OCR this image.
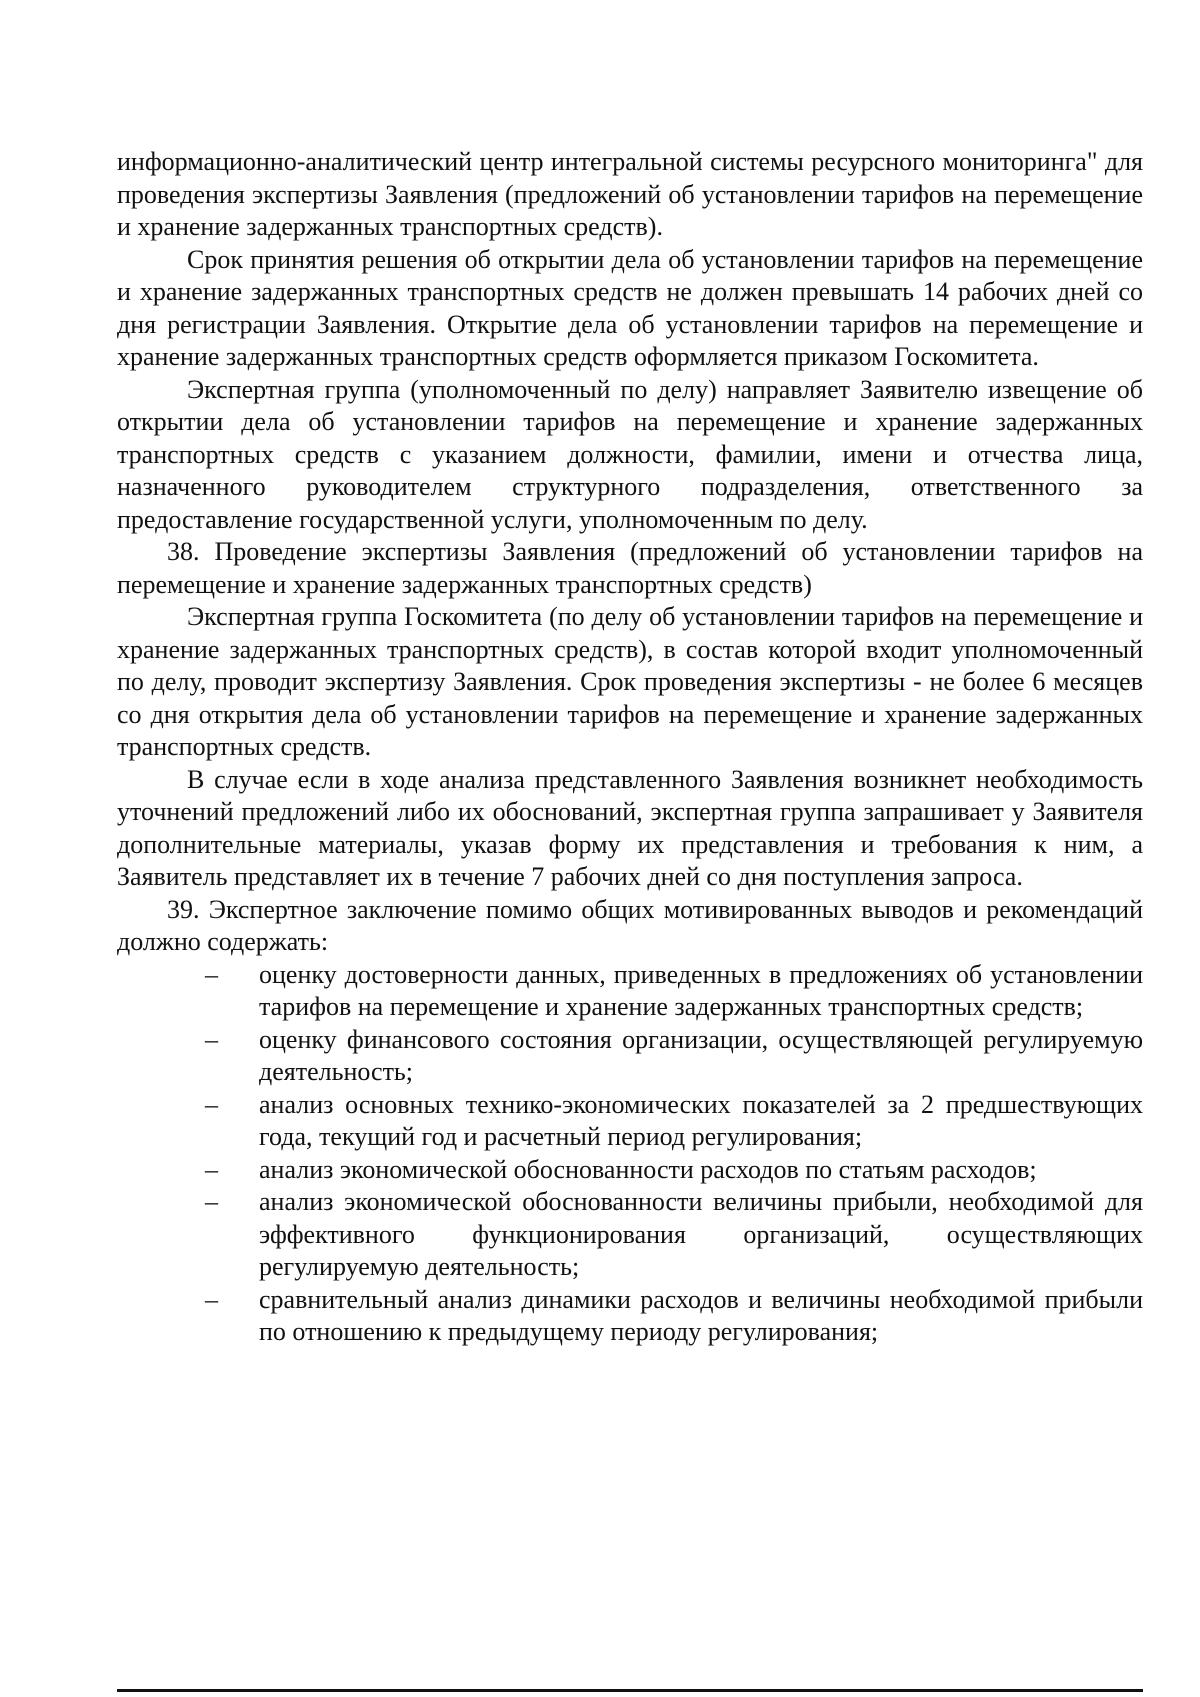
информационно-аналитический центр интегральной системы ресурсного мониторинга" для проведения экспертизы Заявления (предложений об установлении тарифов на перемещение и хранение задержанных транспортных средств).

Срок принятия решения об открытии дела об установлении тарифов на перемещение и хранение задержанных транспортных средств не должен превышать 14 рабочих дней со дня регистрации Заявления. Открытие дела об установлении тарифов на перемещение и хранение задержанных транспортных средств оформляется приказом Госкомитета.

Экспертная группа (уполномоченный по делу) направляет Заявителю извещение об открытии дела об установлении тарифов на перемещение и хранение задержанных транспортных средств с указанием должности, фамилии, имени и отчества лица, назначенного руководителем структурного подразделения, ответственного за предоставление государственной услуги, уполномоченным по делу.

38. Проведение экспертизы Заявления (предложений об установлении тарифов на перемещение и хранение задержанных транспортных средств)

Экспертная группа Госкомитета (по делу об установлении тарифов на перемещение и хранение задержанных транспортных средств), в состав которой входит уполномоченный по делу, проводит экспертизу Заявления. Срок проведения экспертизы - не более 6 месяцев со дня открытия дела об установлении тарифов на перемещение и хранение задержанных транспортных средств.

В случае если в ходе анализа представленного Заявления возникнет необходимость уточнений предложений либо их обоснований, экспертная группа запрашивает у Заявителя дополнительные материалы, указав форму их представления и требования к ним, а Заявитель представляет их в течение 7 рабочих дней со дня поступления запроса.

39. Экспертное заключение помимо общих мотивированных выводов и рекомендаций должно содержать:

– оценку достоверности данных, приведенных в предложениях об установлении тарифов на перемещение и хранение задержанных транспортных средств;
– оценку финансового состояния организации, осуществляющей регулируемую деятельность;
– анализ основных технико-экономических показателей за 2 предшествующих года, текущий год и расчетный период регулирования;
– анализ экономической обоснованности расходов по статьям расходов;
– анализ экономической обоснованности величины прибыли, необходимой для эффективного функционирования организаций, осуществляющих регулируемую деятельность;
– сравнительный анализ динамики расходов и величины необходимой прибыли по отношению к предыдущему периоду регулирования;
